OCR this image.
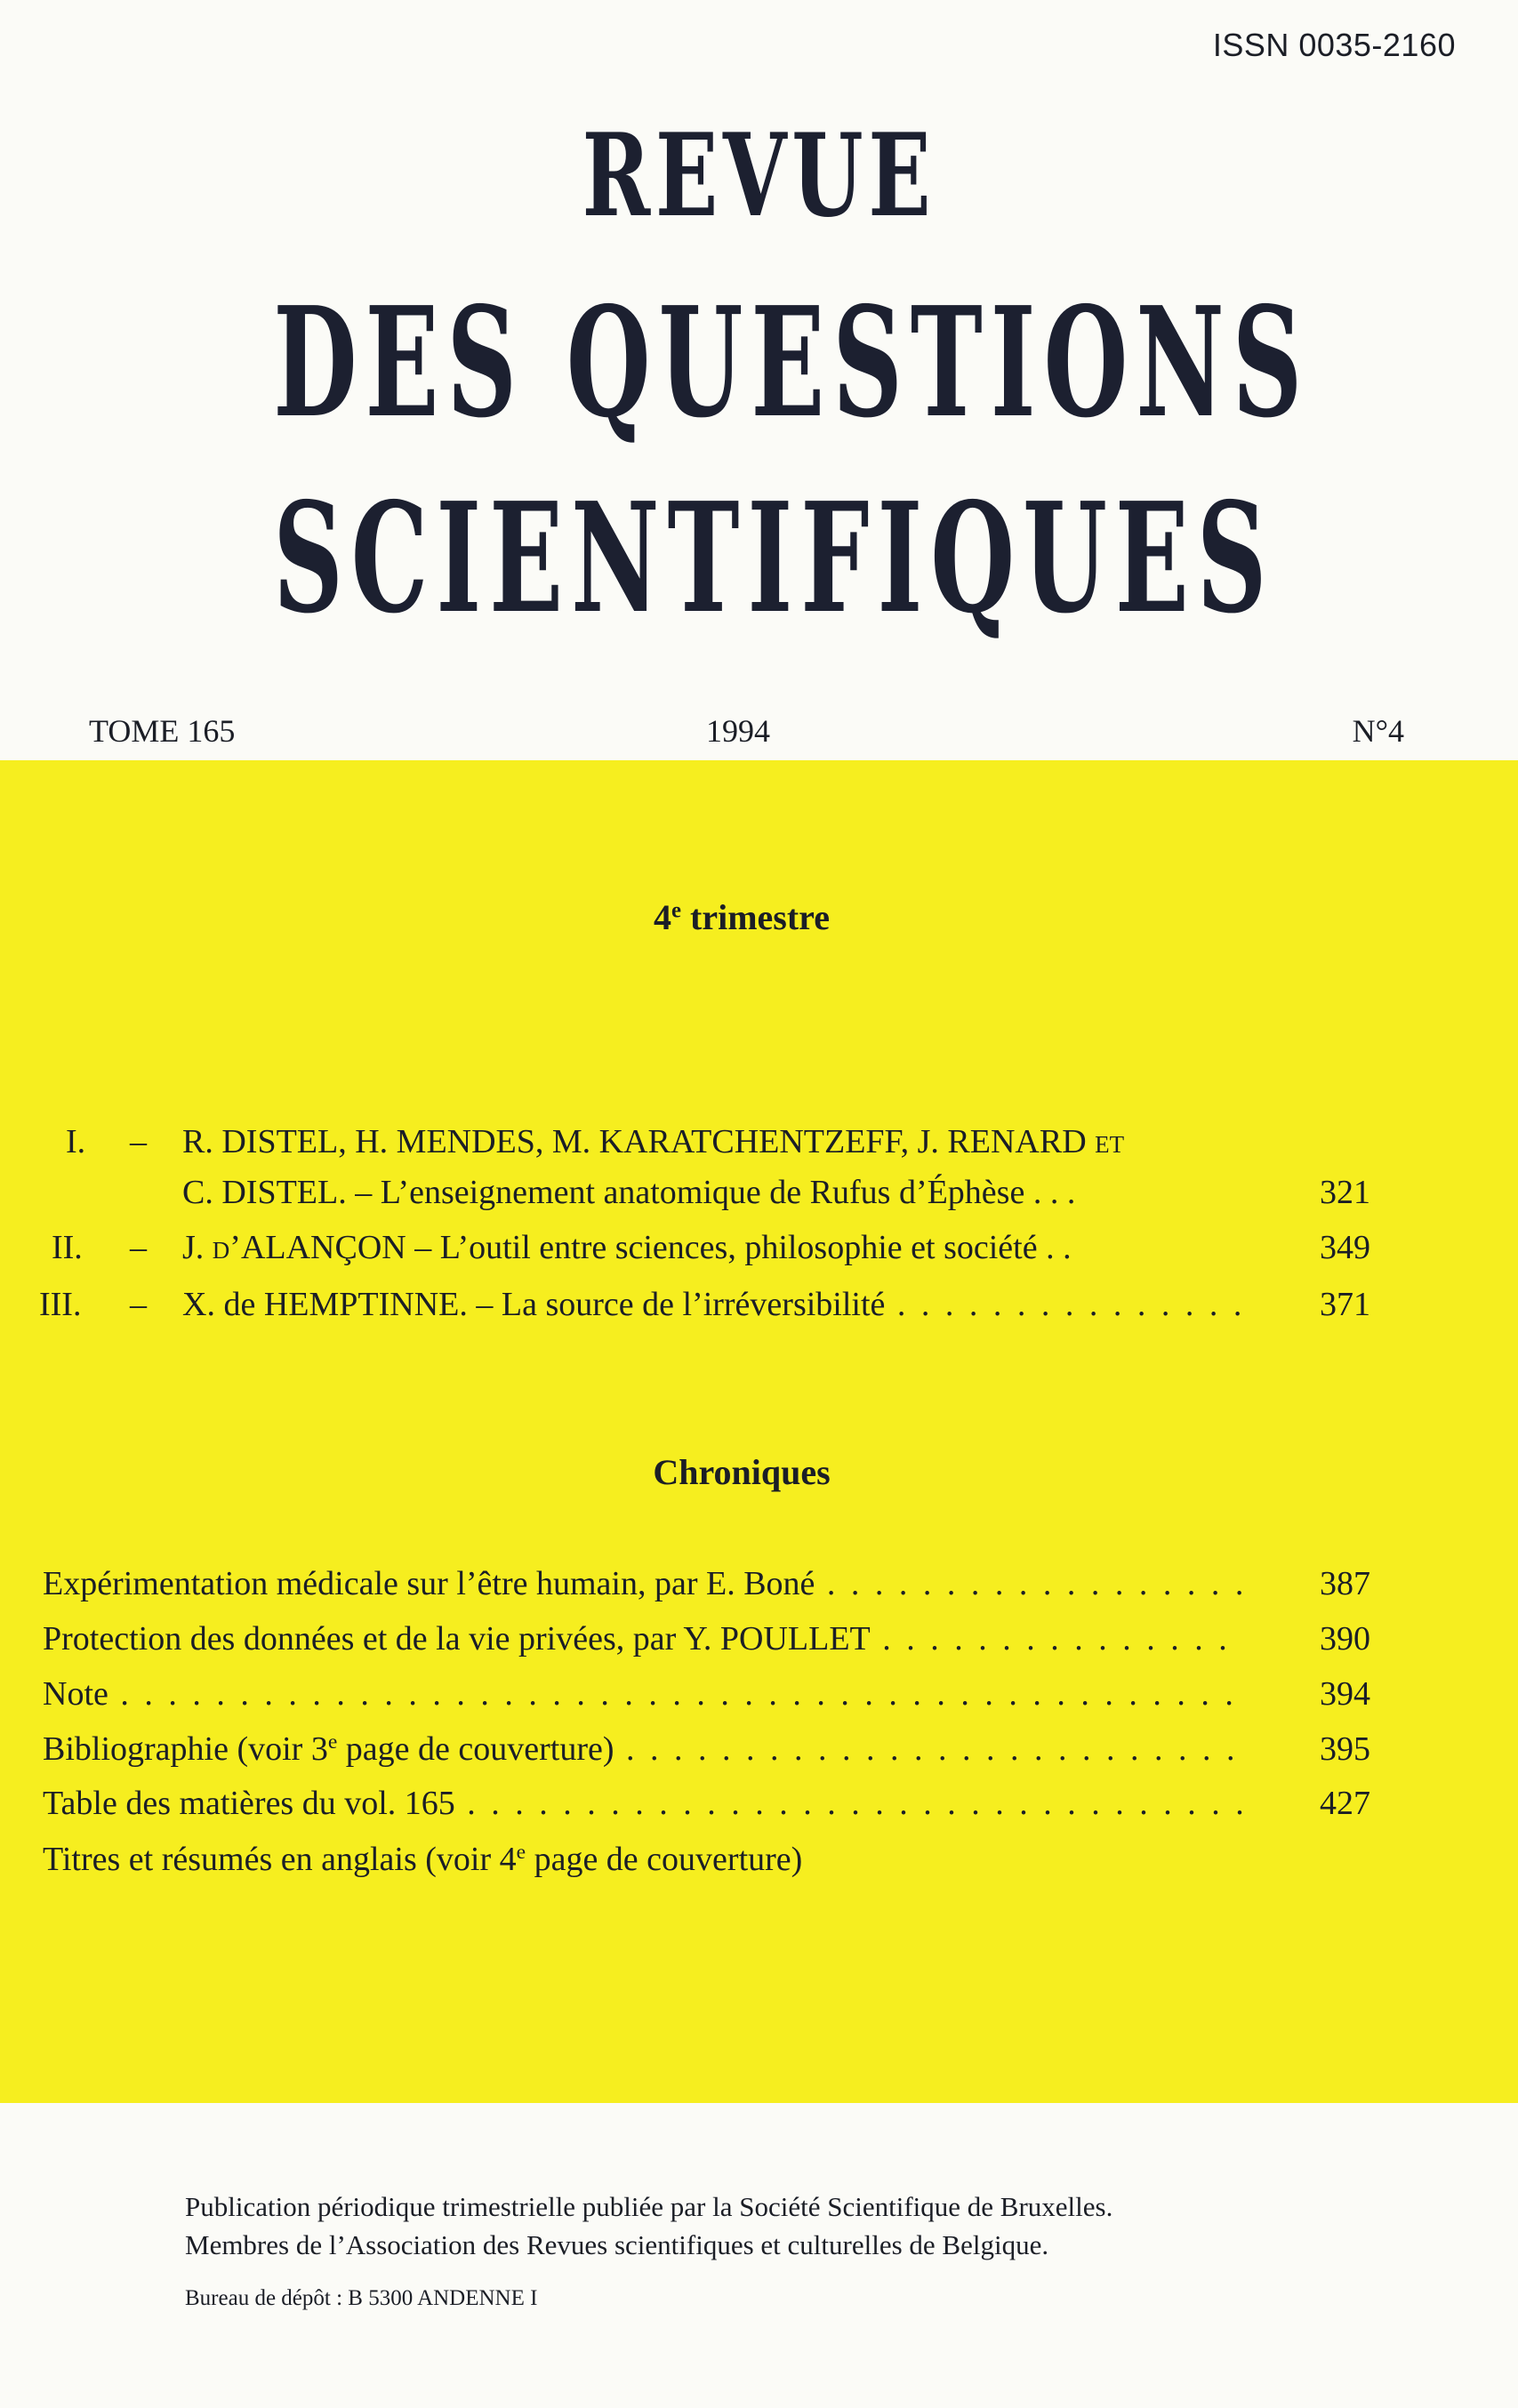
ISSN 0035-2160
REVUE
DES QUESTIONS
SCIENTIFIQUES
TOME 165	1994	N°4
4e trimestre
I. – R. DISTEL, H. MENDES, M. KARATCHENTZEFF, J. RENARD et
C. DISTEL. – L’enseignement anatomique de Rufus d’Éphèse . . .	321
II. – J. d’ALANÇON – L’outil entre sciences, philosophie et société . .	349
III. – X. de HEMPTINNE. – La source de l’irréversibilité . . .	371
Chroniques
Expérimentation médicale sur l’être humain, par E. Boné . . .	387
Protection des données et de la vie privées, par Y. POULLET . . .	390
Note . . .	394
Bibliographie (voir 3e page de couverture) . . .	395
Table des matières du vol. 165 . . .	427
Titres et résumés en anglais (voir 4e page de couverture)
Publication périodique trimestrielle publiée par la Société Scientifique de Bruxelles.
Membres de l’Association des Revues scientifiques et culturelles de Belgique.
Bureau de dépôt : B 5300 ANDENNE I
